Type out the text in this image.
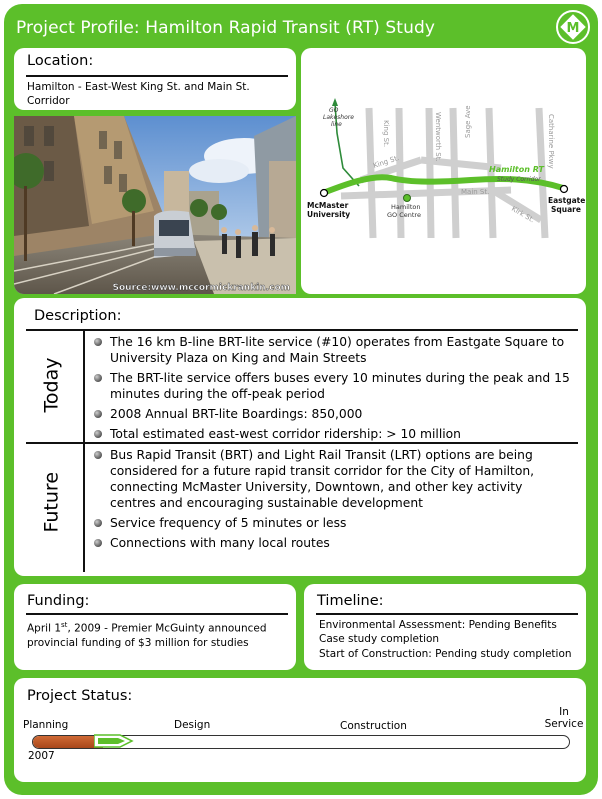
Project Profile: Hamilton Rapid Transit (RT) Study	M
Location:
Hamilton - East-West King St. and Main St. Corridor
Source:www.mccormickrankin.com
King St.
Main St.
King St.	Wentworth St.	Sage Ave	Catharine Pkwy
Kirk St.
GO
Lakeshore
line
Hamilton RT
Study Corridor
McMaster
University
Hamilton
GO Centre
Eastgate
Square
Description:
Today
The 16 km B-line BRT-lite service (#10) operates from Eastgate Square to University Plaza on King and Main Streets
The BRT-lite service offers buses every 10 minutes during the peak and 15 minutes during the off-peak period
2008 Annual BRT-lite Boardings: 850,000
Total estimated east-west corridor ridership: > 10 million
Future
Bus Rapid Transit (BRT) and Light Rail Transit (LRT) options are being considered for a future rapid transit corridor for the City of Hamilton, connecting McMaster University, Downtown, and other key activity centres and encouraging sustainable development
Service frequency of 5 minutes or less
Connections with many local routes
Funding:
April 1st, 2009 - Premier McGuinty announced provincial funding of $3 million for studies
Timeline:
Environmental Assessment: Pending Benefits Case study completion
Start of Construction: Pending study completion
Project Status:
Planning	Design	Construction
In Service
2007
